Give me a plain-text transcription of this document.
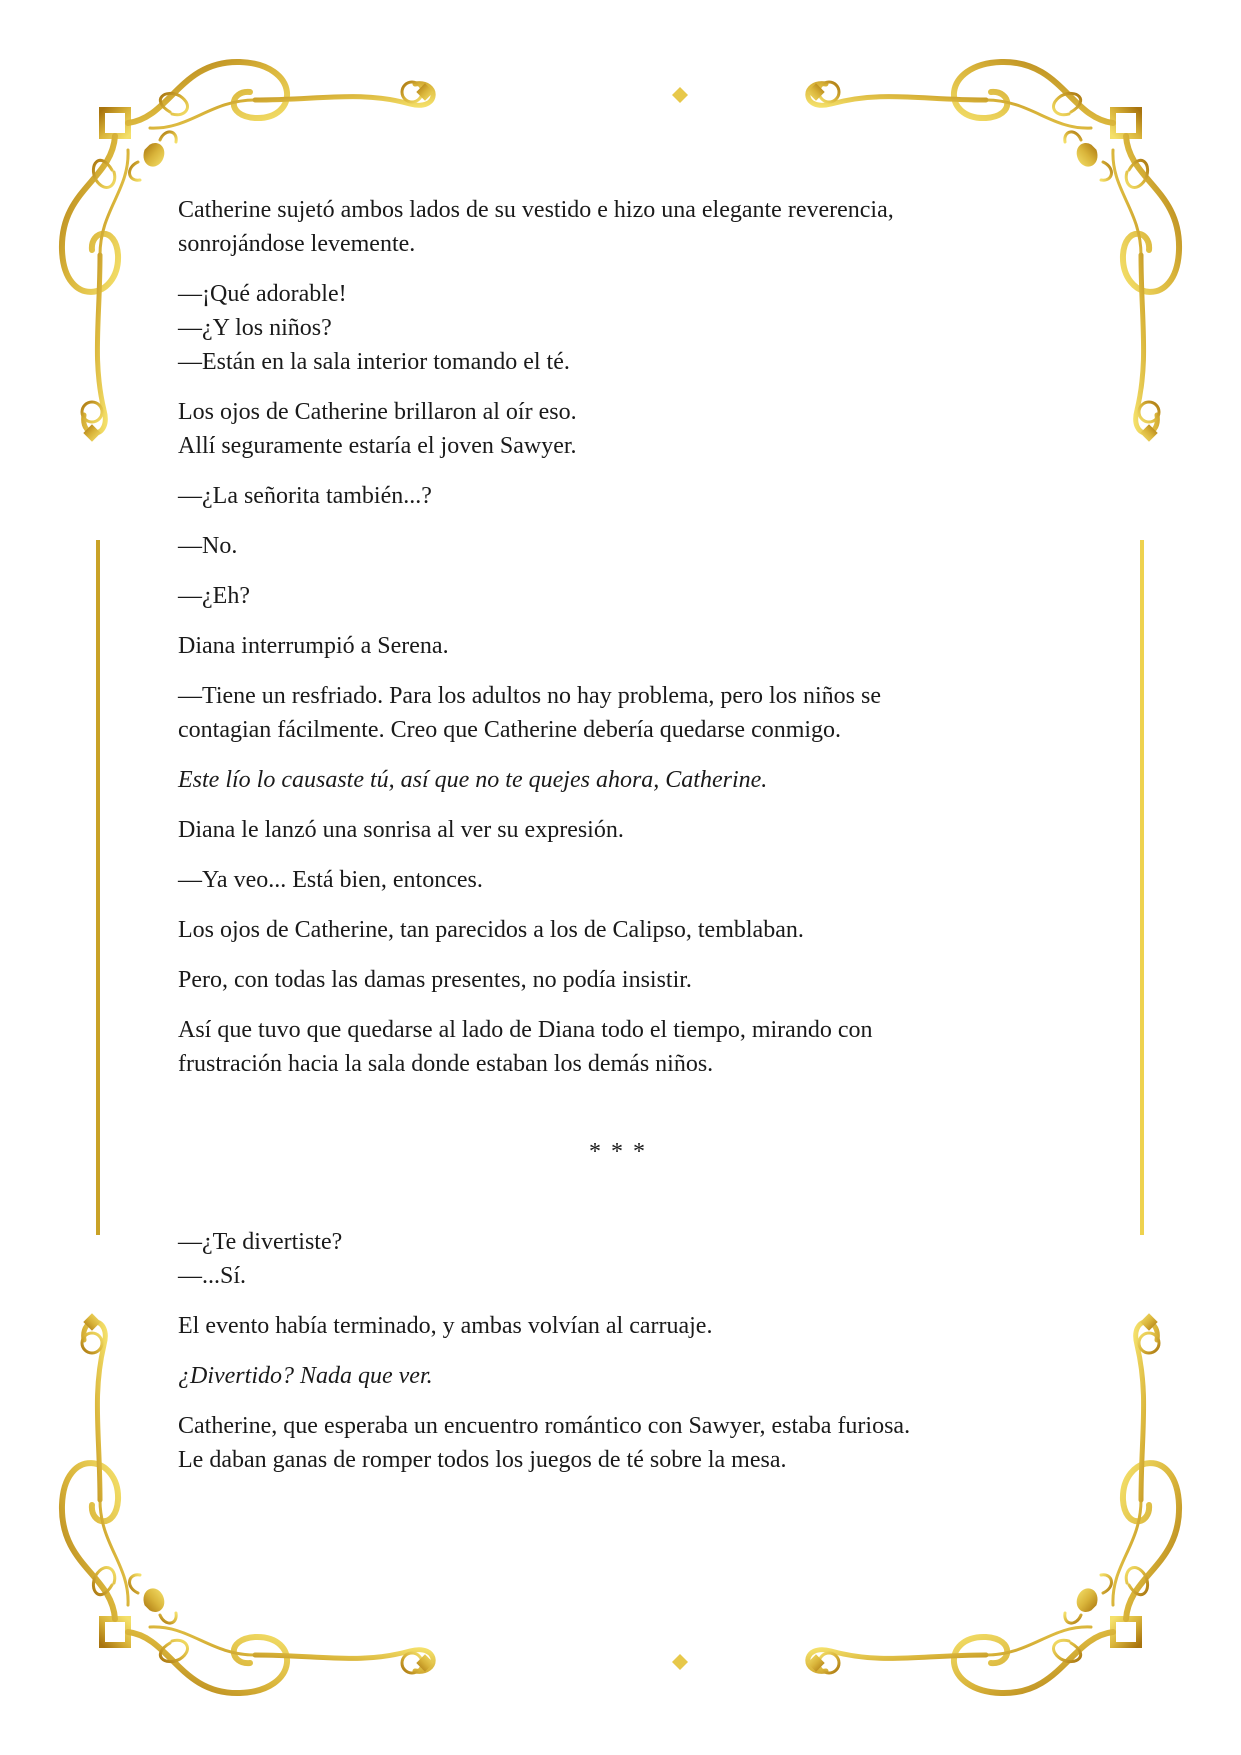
Catherine sujetó ambos lados de su vestido e hizo una elegante reverencia,
sonrojándose levemente.

—¡Qué adorable!
—¿Y los niños?
—Están en la sala interior tomando el té.

Los ojos de Catherine brillaron al oír eso.
Allí seguramente estaría el joven Sawyer.

—¿La señorita también...?

—No.

—¿Eh?

Diana interrumpió a Serena.

—Tiene un resfriado. Para los adultos no hay problema, pero los niños se
contagian fácilmente. Creo que Catherine debería quedarse conmigo.

Este lío lo causaste tú, así que no te quejes ahora, Catherine.

Diana le lanzó una sonrisa al ver su expresión.

—Ya veo... Está bien, entonces.

Los ojos de Catherine, tan parecidos a los de Calipso, temblaban.

Pero, con todas las damas presentes, no podía insistir.

Así que tuvo que quedarse al lado de Diana todo el tiempo, mirando con
frustración hacia la sala donde estaban los demás niños.

* * *

—¿Te divertiste?
—...Sí.

El evento había terminado, y ambas volvían al carruaje.

¿Divertido? Nada que ver.

Catherine, que esperaba un encuentro romántico con Sawyer, estaba furiosa.
Le daban ganas de romper todos los juegos de té sobre la mesa.
